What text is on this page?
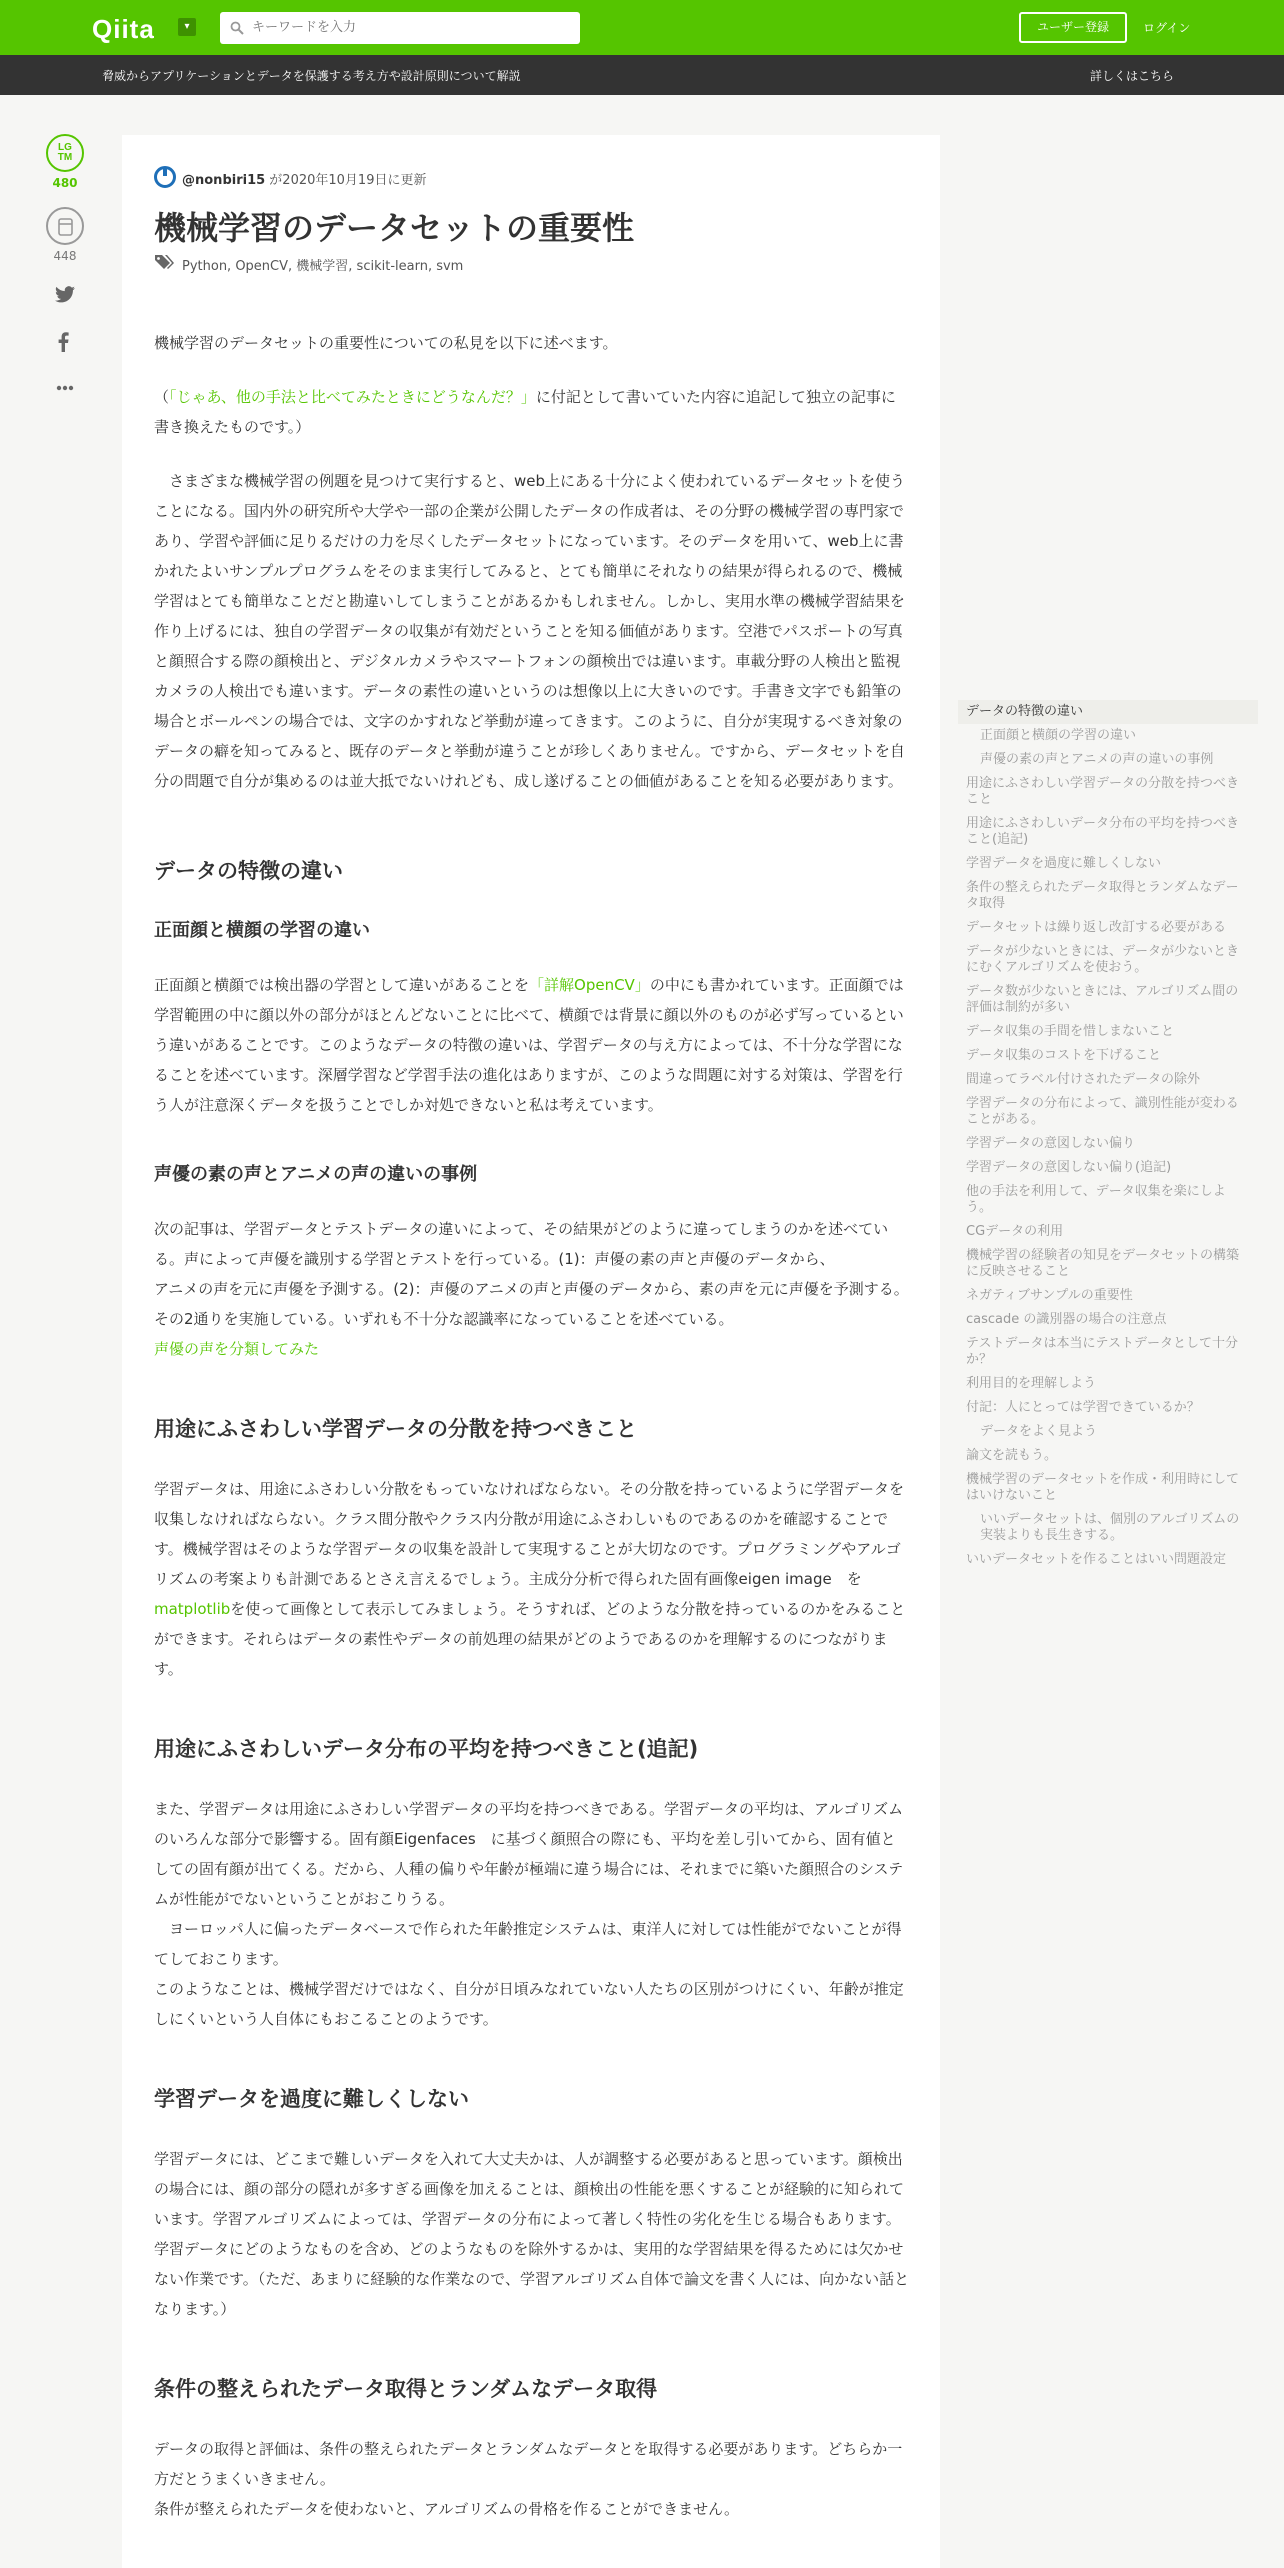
Qiita	▾
キーワードを入力	ユーザー登録	ログイン
脅威からアプリケーションとデータを保護する考え方や設計原則について解説	詳しくはこちら
LG
TM
480
448
@nonbiri15 が2020年10月19日に更新
機械学習のデータセットの重要性
Python, OpenCV, 機械学習, scikit-learn, svm

機械学習のデータセットの重要性についての私見を以下に述べます。

（「じゃあ、他の手法と比べてみたときにどうなんだ？」に付記として書いていた内容に追記して独立の記事に書き換えたものです。）

　さまざまな機械学習の例題を見つけて実行すると、web上にある十分によく使われているデータセットを使うことになる。国内外の研究所や大学や一部の企業が公開したデータの作成者は、その分野の機械学習の専門家であり、学習や評価に足りるだけの力を尽くしたデータセットになっています。そのデータを用いて、web上に書かれたよいサンプルプログラムをそのまま実行してみると、とても簡単にそれなりの結果が得られるので、機械学習はとても簡単なことだと勘違いしてしまうことがあるかもしれません。しかし、実用水準の機械学習結果を作り上げるには、独自の学習データの収集が有効だということを知る価値があります。空港でパスポートの写真と顔照合する際の顔検出と、デジタルカメラやスマートフォンの顔検出では違います。車載分野の人検出と監視カメラの人検出でも違います。データの素性の違いというのは想像以上に大きいのです。手書き文字でも鉛筆の場合とボールペンの場合では、文字のかすれなど挙動が違ってきます。このように、自分が実現するべき対象のデータの癖を知ってみると、既存のデータと挙動が違うことが珍しくありません。ですから、データセットを自分の問題で自分が集めるのは並大抵でないけれども、成し遂げることの価値があることを知る必要があります。

データの特徴の違い
正面顔と横顔の学習の違い

正面顔と横顔では検出器の学習として違いがあることを「詳解OpenCV」の中にも書かれています。正面顔では学習範囲の中に顔以外の部分がほとんどないことに比べて、横顔では背景に顔以外のものが必ず写っているという違いがあることです。このようなデータの特徴の違いは、学習データの与え方によっては、不十分な学習になることを述べています。深層学習など学習手法の進化はありますが、このような問題に対する対策は、学習を行う人が注意深くデータを扱うことでしか対処できないと私は考えています。

声優の素の声とアニメの声の違いの事例

次の記事は、学習データとテストデータの違いによって、その結果がどのように違ってしまうのかを述べている。声によって声優を識別する学習とテストを行っている。(1)：声優の素の声と声優のデータから、

アニメの声を元に声優を予測する。(2)：声優のアニメの声と声優のデータから、素の声を元に声優を予測する。その2通りを実施している。いずれも不十分な認識率になっていることを述べている。

声優の声を分類してみた

用途にふさわしい学習データの分散を持つべきこと

学習データは、用途にふさわしい分散をもっていなければならない。その分散を持っているように学習データを収集しなければならない。クラス間分散やクラス内分散が用途にふさわしいものであるのかを確認することです。機械学習はそのような学習データの収集を設計して実現することが大切なのです。プログラミングやアルゴリズムの考案よりも計測であるとさえ言えるでしょう。主成分分析で得られた固有画像eigen image　をmatplotlibを使って画像として表示してみましょう。そうすれば、どのような分散を持っているのかをみることができます。それらはデータの素性やデータの前処理の結果がどのようであるのかを理解するのにつながります。

用途にふさわしいデータ分布の平均を持つべきこと(追記)

また、学習データは用途にふさわしい学習データの平均を持つべきである。学習データの平均は、アルゴリズムのいろんな部分で影響する。固有顔Eigenfaces　に基づく顔照合の際にも、平均を差し引いてから、固有値としての固有顔が出てくる。だから、人種の偏りや年齢が極端に違う場合には、それまでに築いた顔照合のシステムが性能がでないということがおこりうる。

　ヨーロッパ人に偏ったデータベースで作られた年齢推定システムは、東洋人に対しては性能がでないことが得てしておこります。

このようなことは、機械学習だけではなく、自分が日頃みなれていない人たちの区別がつけにくい、年齢が推定しにくいという人自体にもおこることのようです。

学習データを過度に難しくしない

学習データには、どこまで難しいデータを入れて大丈夫かは、人が調整する必要があると思っています。顔検出の場合には、顔の部分の隠れが多すぎる画像を加えることは、顔検出の性能を悪くすることが経験的に知られています。学習アルゴリズムによっては、学習データの分布によって著しく特性の劣化を生じる場合もあります。学習データにどのようなものを含め、どのようなものを除外するかは、実用的な学習結果を得るためには欠かせない作業です。（ただ、あまりに経験的な作業なので、学習アルゴリズム自体で論文を書く人には、向かない話となります。）

条件の整えられたデータ取得とランダムなデータ取得

データの取得と評価は、条件の整えられたデータとランダムなデータとを取得する必要があります。どちらか一方だとうまくいきません。

条件が整えられたデータを使わないと、アルゴリズムの骨格を作ることができません。

データの特徴の違い
正面顔と横顔の学習の違い
声優の素の声とアニメの声の違いの事例
用途にふさわしい学習データの分散を持つべきこと
用途にふさわしいデータ分布の平均を持つべきこと(追記)
学習データを過度に難しくしない
条件の整えられたデータ取得とランダムなデータ取得
データセットは繰り返し改訂する必要がある
データが少ないときには、データが少ないときにむくアルゴリズムを使おう。
データ数が少ないときには、アルゴリズム間の評価は制約が多い
データ収集の手間を惜しまないこと
データ収集のコストを下げること
間違ってラベル付けされたデータの除外
学習データの分布によって、識別性能が変わることがある。
学習データの意図しない偏り
学習データの意図しない偏り(追記)
他の手法を利用して、データ収集を楽にしよう。
CGデータの利用
機械学習の経験者の知見をデータセットの構築に反映させること
ネガティブサンプルの重要性
cascade の識別器の場合の注意点
テストデータは本当にテストデータとして十分か？
利用目的を理解しよう
付記：人にとっては学習できているか？
データをよく見よう
論文を読もう。
機械学習のデータセットを作成・利用時にしてはいけないこと
いいデータセットは、個別のアルゴリズムの実装よりも長生きする。
いいデータセットを作ることはいい問題設定
